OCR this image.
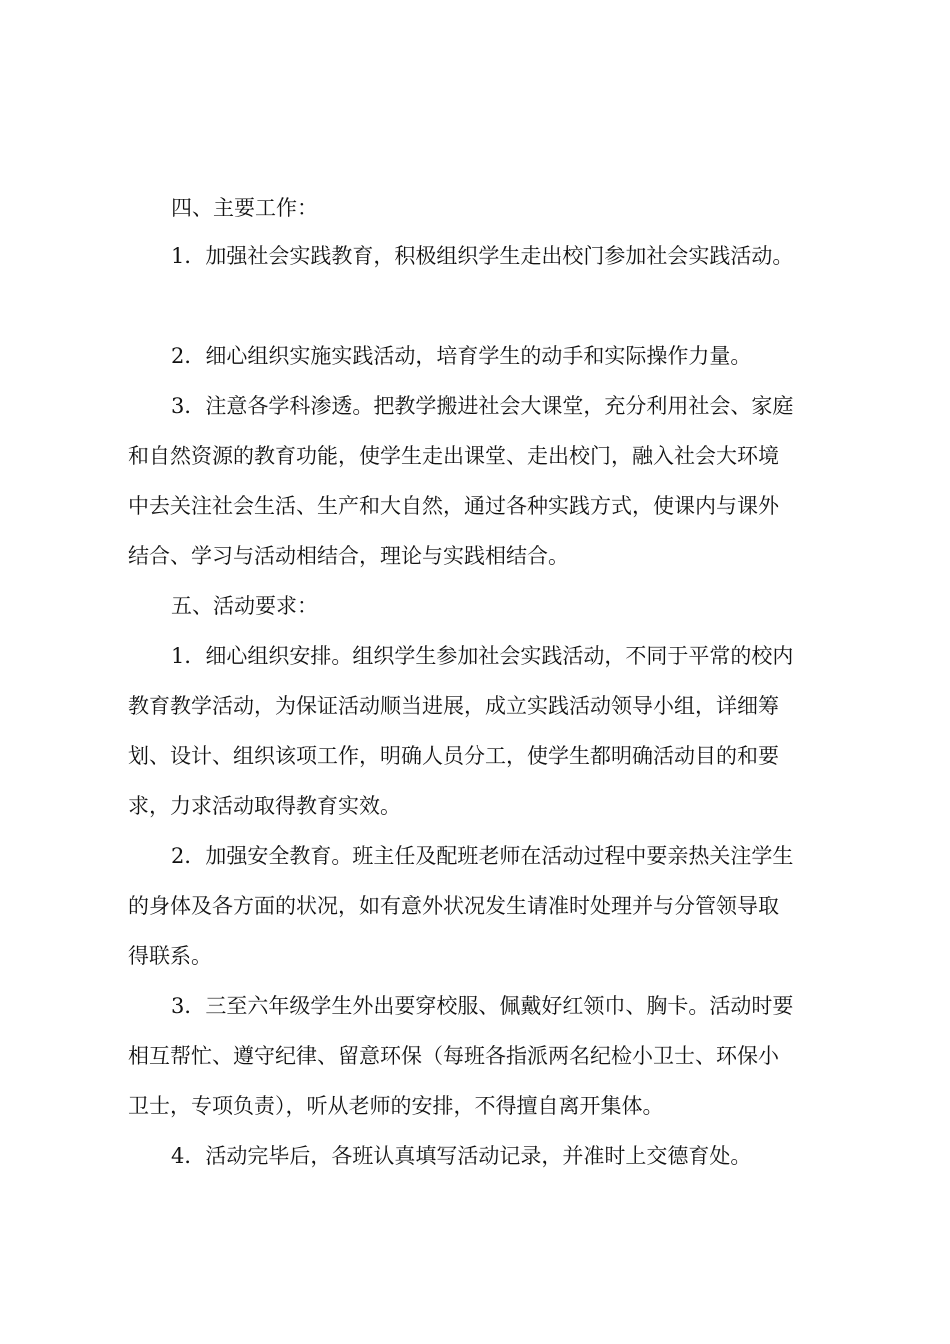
四、主要工作：
1．加强社会实践教育，积极组织学生走出校门参加社会实践活动。
2．细心组织实施实践活动，培育学生的动手和实际操作力量。
3．注意各学科渗透。把教学搬进社会大课堂，充分利用社会、家庭
和自然资源的教育功能，使学生走出课堂、走出校门，融入社会大环境
中去关注社会生活、生产和大自然，通过各种实践方式，使课内与课外
结合、学习与活动相结合，理论与实践相结合。
五、活动要求：
1．细心组织安排。组织学生参加社会实践活动，不同于平常的校内
教育教学活动，为保证活动顺当进展，成立实践活动领导小组，详细筹
划、设计、组织该项工作，明确人员分工，使学生都明确活动目的和要
求，力求活动取得教育实效。
2．加强安全教育。班主任及配班老师在活动过程中要亲热关注学生
的身体及各方面的状况，如有意外状况发生请准时处理并与分管领导取
得联系。
3．三至六年级学生外出要穿校服、佩戴好红领巾、胸卡。活动时要
相互帮忙、遵守纪律、留意环保（每班各指派两名纪检小卫士、环保小
卫士，专项负责），听从老师的安排，不得擅自离开集体。
4．活动完毕后，各班认真填写活动记录，并准时上交德育处。
